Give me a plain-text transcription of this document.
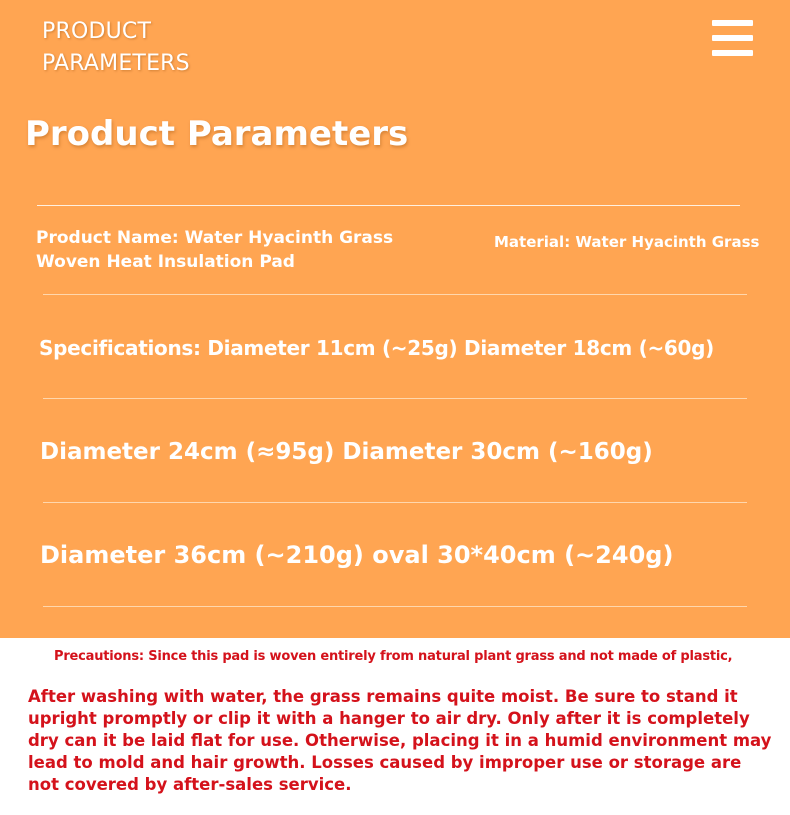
PRODUCT
PARAMETERS
Product Parameters
Product Name: Water Hyacinth Grass Woven Heat Insulation Pad
Material: Water Hyacinth Grass
Specifications: Diameter 11cm (~25g) Diameter 18cm (~60g)
Diameter 24cm (≈95g) Diameter 30cm (~160g)
Diameter 36cm (~210g) oval 30*40cm (~240g)
Precautions: Since this pad is woven entirely from natural plant grass and not made of plastic,
After washing with water, the grass remains quite moist. Be sure to stand it upright promptly or clip it with a hanger to air dry. Only after it is completely dry can it be laid flat for use. Otherwise, placing it in a humid environment may lead to mold and hair growth. Losses caused by improper use or storage are not covered by after-sales service.
